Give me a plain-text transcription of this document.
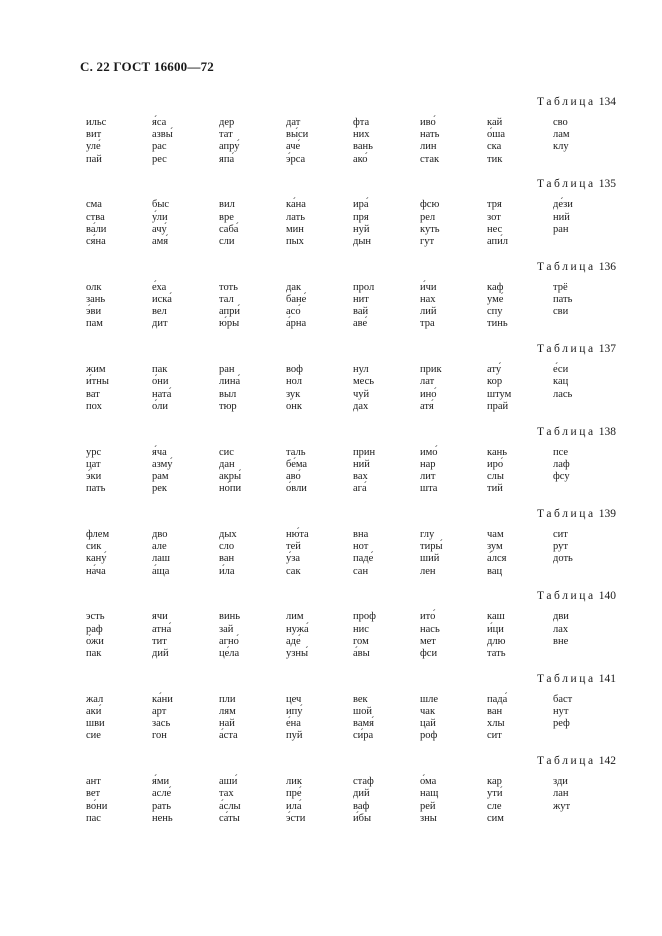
С. 22 ГОСТ 16600—72
Таблица 134
ильс
вит
уле́
пай
я́са
азвы́
рас
рес
дер
тат
апру́
япа́
дат
вы́си
аче́
э́рса
фта
них
вань
ако́
иво́
нать
лин
стак
кай
о́ша
ска
тик
сво
лам
клу
Таблица 135
сма
ства
ва́ли
ся́на
быс
у́ли
ачу́
амя́
вил
вре
саба́
сли
ка́на
лать
мин
пых
ира́
пря
нуй
дын
фсю
рел
куть
гут
тря
зот
нес
апи́л
де́зи
ний
ран
Таблица 136
олк
зань
э́ви
пам
е́ха
иска́
вел
дит
тоть
тал
апри́
ю́ры
дак
бане́
асо́
а́рна
прол
нит
вай
аве́
и́чи
нах
лий
тра
каф
уме́
спу
тинь
трё
пать
сви
Таблица 137
жим
и́тны
ват
пох
пак
о́ни
ната́
о́ли
ран
лина́
выл
тюр
воф
нол
зук
онк
нул
месь
чуй
дах
прик
лат
ино́
атя́
ату́
кор
штум
прай
е́си
кац
лась
Таблица 138
урс
цат
э́ки
пать
я́ча
азму́
рам
рек
сис
дан
акры́
но́пи
таль
бе́ма
аво́
о́вли
прин
ний
вах
ага́
имо́
нар
лит
шта
кань
иро́
слы
тий
псе
лаф
фсу
Таблица 139
флем
сик
кану́
на́ча
дво
але
лаш
а́ща
дых
сло
ван
и́ла
ню́та
тей
у́за
сак
вна
нот
паде́
сан
глу
тиры́
ший
лен
чам
зум
а́лся
вац
сит
рут
доть
Таблица 140
эсть
раф
о́жи
пак
ячи
атна́
тит
дий
винь
зай
агно́
це́ла
лим
нужа́
аде́
узны́
проф
нис
гом
а́вы
ито́
нась
мет
фси
каш
и́ци
длю
тать
дви
лах
вне
Таблица 141
жал
аки́
шви
сие
ка́ни
арт
зась
гон
пли
лям
най
а́ста
цеч
ипу́
е́на
пуй
век
шой
вамя́
си́ра
шле
чак
цай
роф
пада́
ван
хлы
сит
баст
нут
реф
Таблица 142
ант
вет
во́ни
пас
я́ми
асле́
рать
нень
аши́
тах
а́слы
са́ты
лик
пре́
ила́
э́сти
стаф
дий
ваф
и́бы
о́ма
нащ
рей
зны
кар
ути́
сле
сим
зди
лан
жут
